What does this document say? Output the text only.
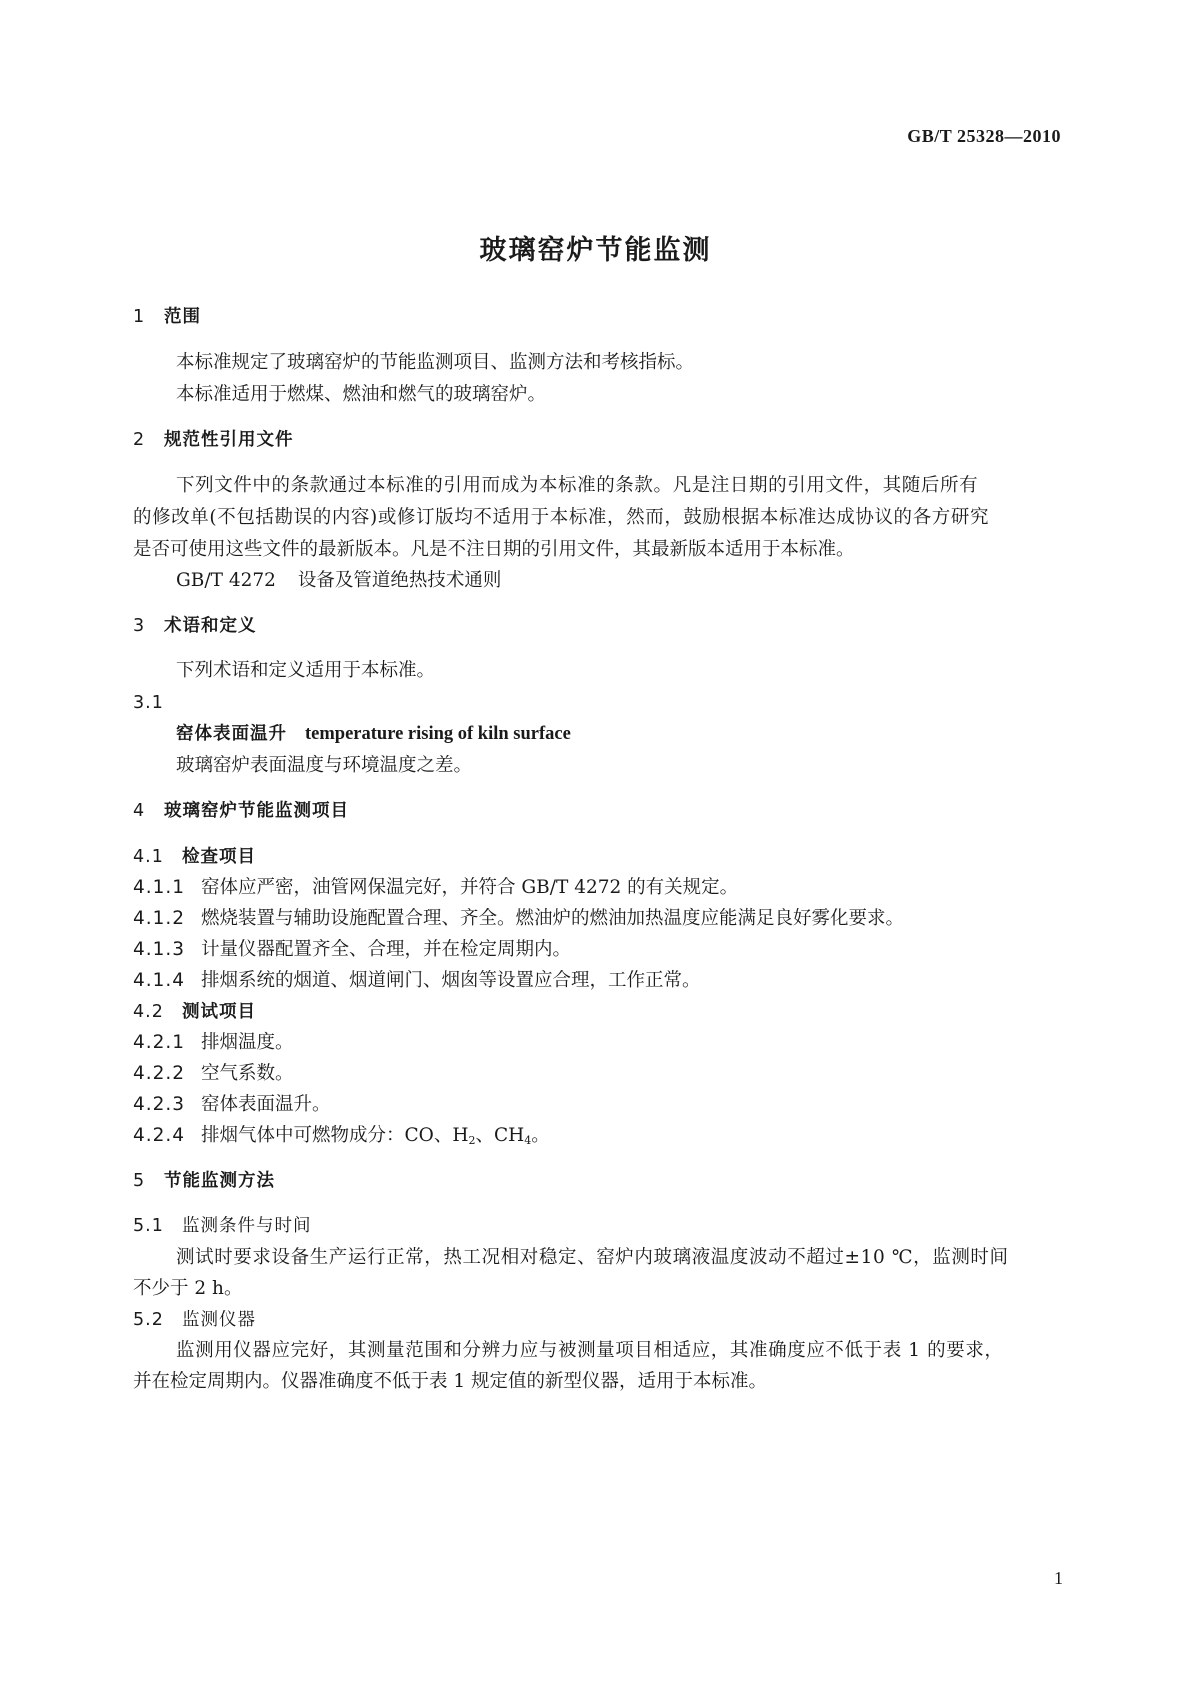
GB/T 25328—2010
玻璃窑炉节能监测
1 范围
本标准规定了玻璃窑炉的节能监测项目、监测方法和考核指标。
本标准适用于燃煤、燃油和燃气的玻璃窑炉。
2 规范性引用文件
下列文件中的条款通过本标准的引用而成为本标准的条款。凡是注日期的引用文件，其随后所有
的修改单(不包括勘误的内容)或修订版均不适用于本标准，然而，鼓励根据本标准达成协议的各方研究
是否可使用这些文件的最新版本。凡是不注日期的引用文件，其最新版本适用于本标准。
GB/T 4272 设备及管道绝热技术通则
3 术语和定义
下列术语和定义适用于本标准。
3.1
窑体表面温升 temperature rising of kiln surface
玻璃窑炉表面温度与环境温度之差。
4 玻璃窑炉节能监测项目
4.1 检查项目
4.1.1 窑体应严密，油管网保温完好，并符合 GB/T 4272 的有关规定。
4.1.2 燃烧装置与辅助设施配置合理、齐全。燃油炉的燃油加热温度应能满足良好雾化要求。
4.1.3 计量仪器配置齐全、合理，并在检定周期内。
4.1.4 排烟系统的烟道、烟道闸门、烟囱等设置应合理，工作正常。
4.2 测试项目
4.2.1 排烟温度。
4.2.2 空气系数。
4.2.3 窑体表面温升。
4.2.4 排烟气体中可燃物成分：CO、$H_2$、$CH_4$。
5 节能监测方法
5.1 监测条件与时间
测试时要求设备生产运行正常，热工况相对稳定、窑炉内玻璃液温度波动不超过±10 ℃，监测时间
不少于 2 h。
5.2 监测仪器
监测用仪器应完好，其测量范围和分辨力应与被测量项目相适应，其准确度应不低于表 1 的要求，
并在检定周期内。仪器准确度不低于表 1 规定值的新型仪器，适用于本标准。
1
